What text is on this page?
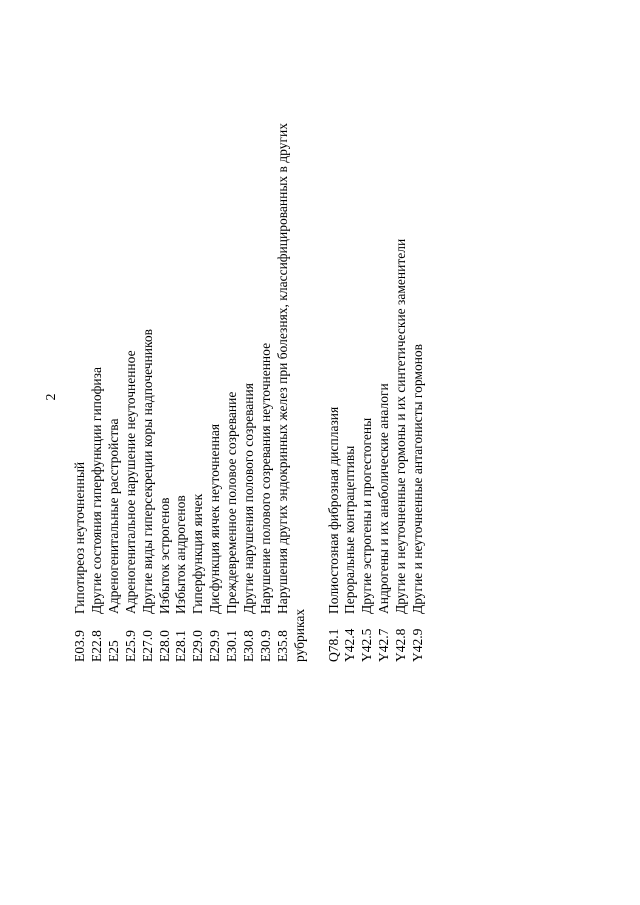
2
E03.9
Гипотиреоз неуточненный
E22.8
Другие состояния гиперфункции гипофиза
E25
Адреногенитальные расстройства
E25.9
Адреногенитальное нарушение неуточненное
E27.0
Другие виды гиперсекреции коры надпочечников
E28.0
Избыток эстрогенов
E28.1
Избыток андрогенов
E29.0
Гиперфункция яичек
E29.9
Дисфункция яичек неуточненная
E30.1
Преждевременное половое созревание
E30.8
Другие нарушения полового созревания
E30.9
Нарушение полового созревания неуточненное
E35.8
Нарушения других эндокринных желез при болезнях, классифицированных в других
рубриках Q78.1
Полиостозная фиброзная дисплазия
Y42.4
Пероральные контрацептивы
Y42.5
Другие эстрогены и прогестогены
Y42.7
Андрогены и их анаболические аналоги
Y42.8
Другие и неуточненные гормоны и их синтетические заменители
Y42.9
Другие и неуточненные антагонисты гормонов
